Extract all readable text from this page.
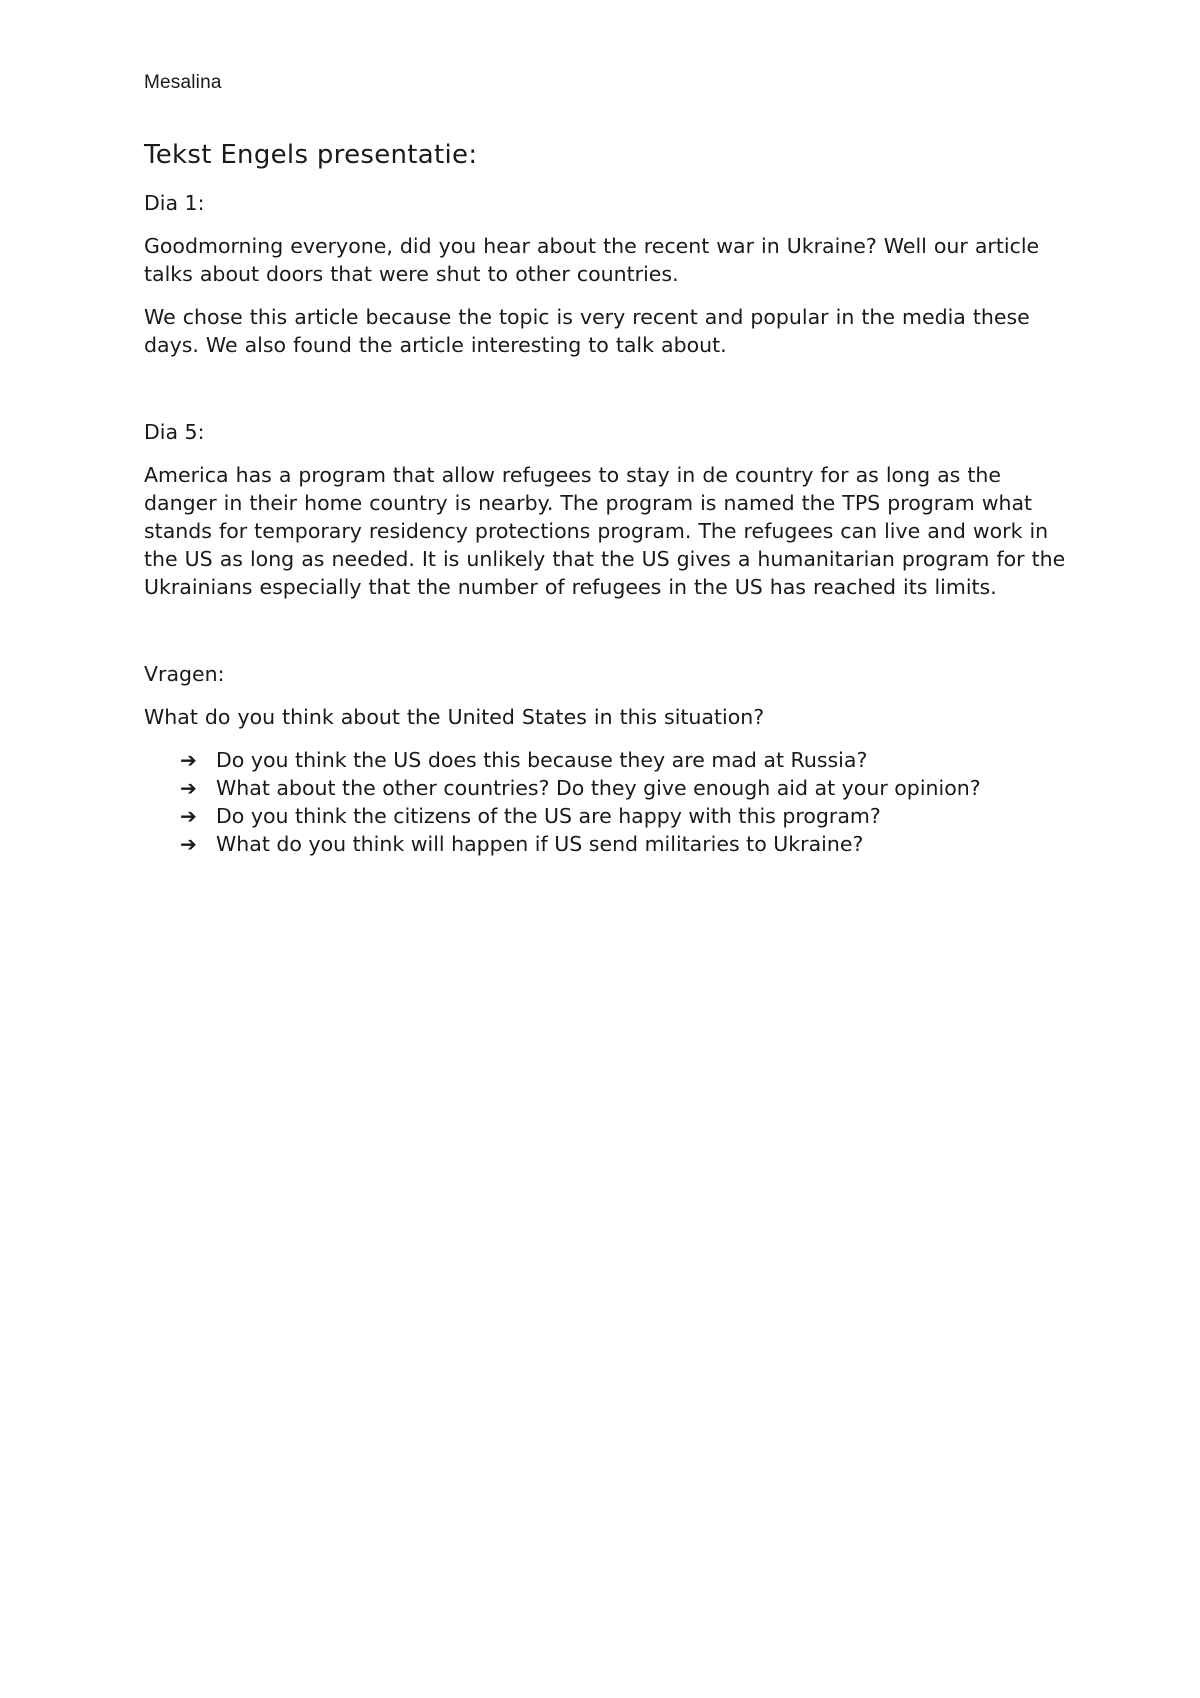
Mesalina
Tekst Engels presentatie:

Dia 1:

Goodmorning everyone, did you hear about the recent war in Ukraine? Well our article talks about doors that were shut to other countries.

We chose this article because the topic is very recent and popular in the media these days. We also found the article interesting to talk about.

Dia 5:

America has a program that allow refugees to stay in de country for as long as the danger in their home country is nearby. The program is named the TPS program what stands for temporary residency protections program. The refugees can live and work in the US as long as needed. It is unlikely that the US gives a humanitarian program for the Ukrainians especially that the number of refugees in the US has reached its limits.

Vragen:

What do you think about the United States in this situation?

➔ Do you think the US does this because they are mad at Russia?
➔ What about the other countries? Do they give enough aid at your opinion?
➔ Do you think the citizens of the US are happy with this program?
➔ What do you think will happen if US send militaries to Ukraine?
